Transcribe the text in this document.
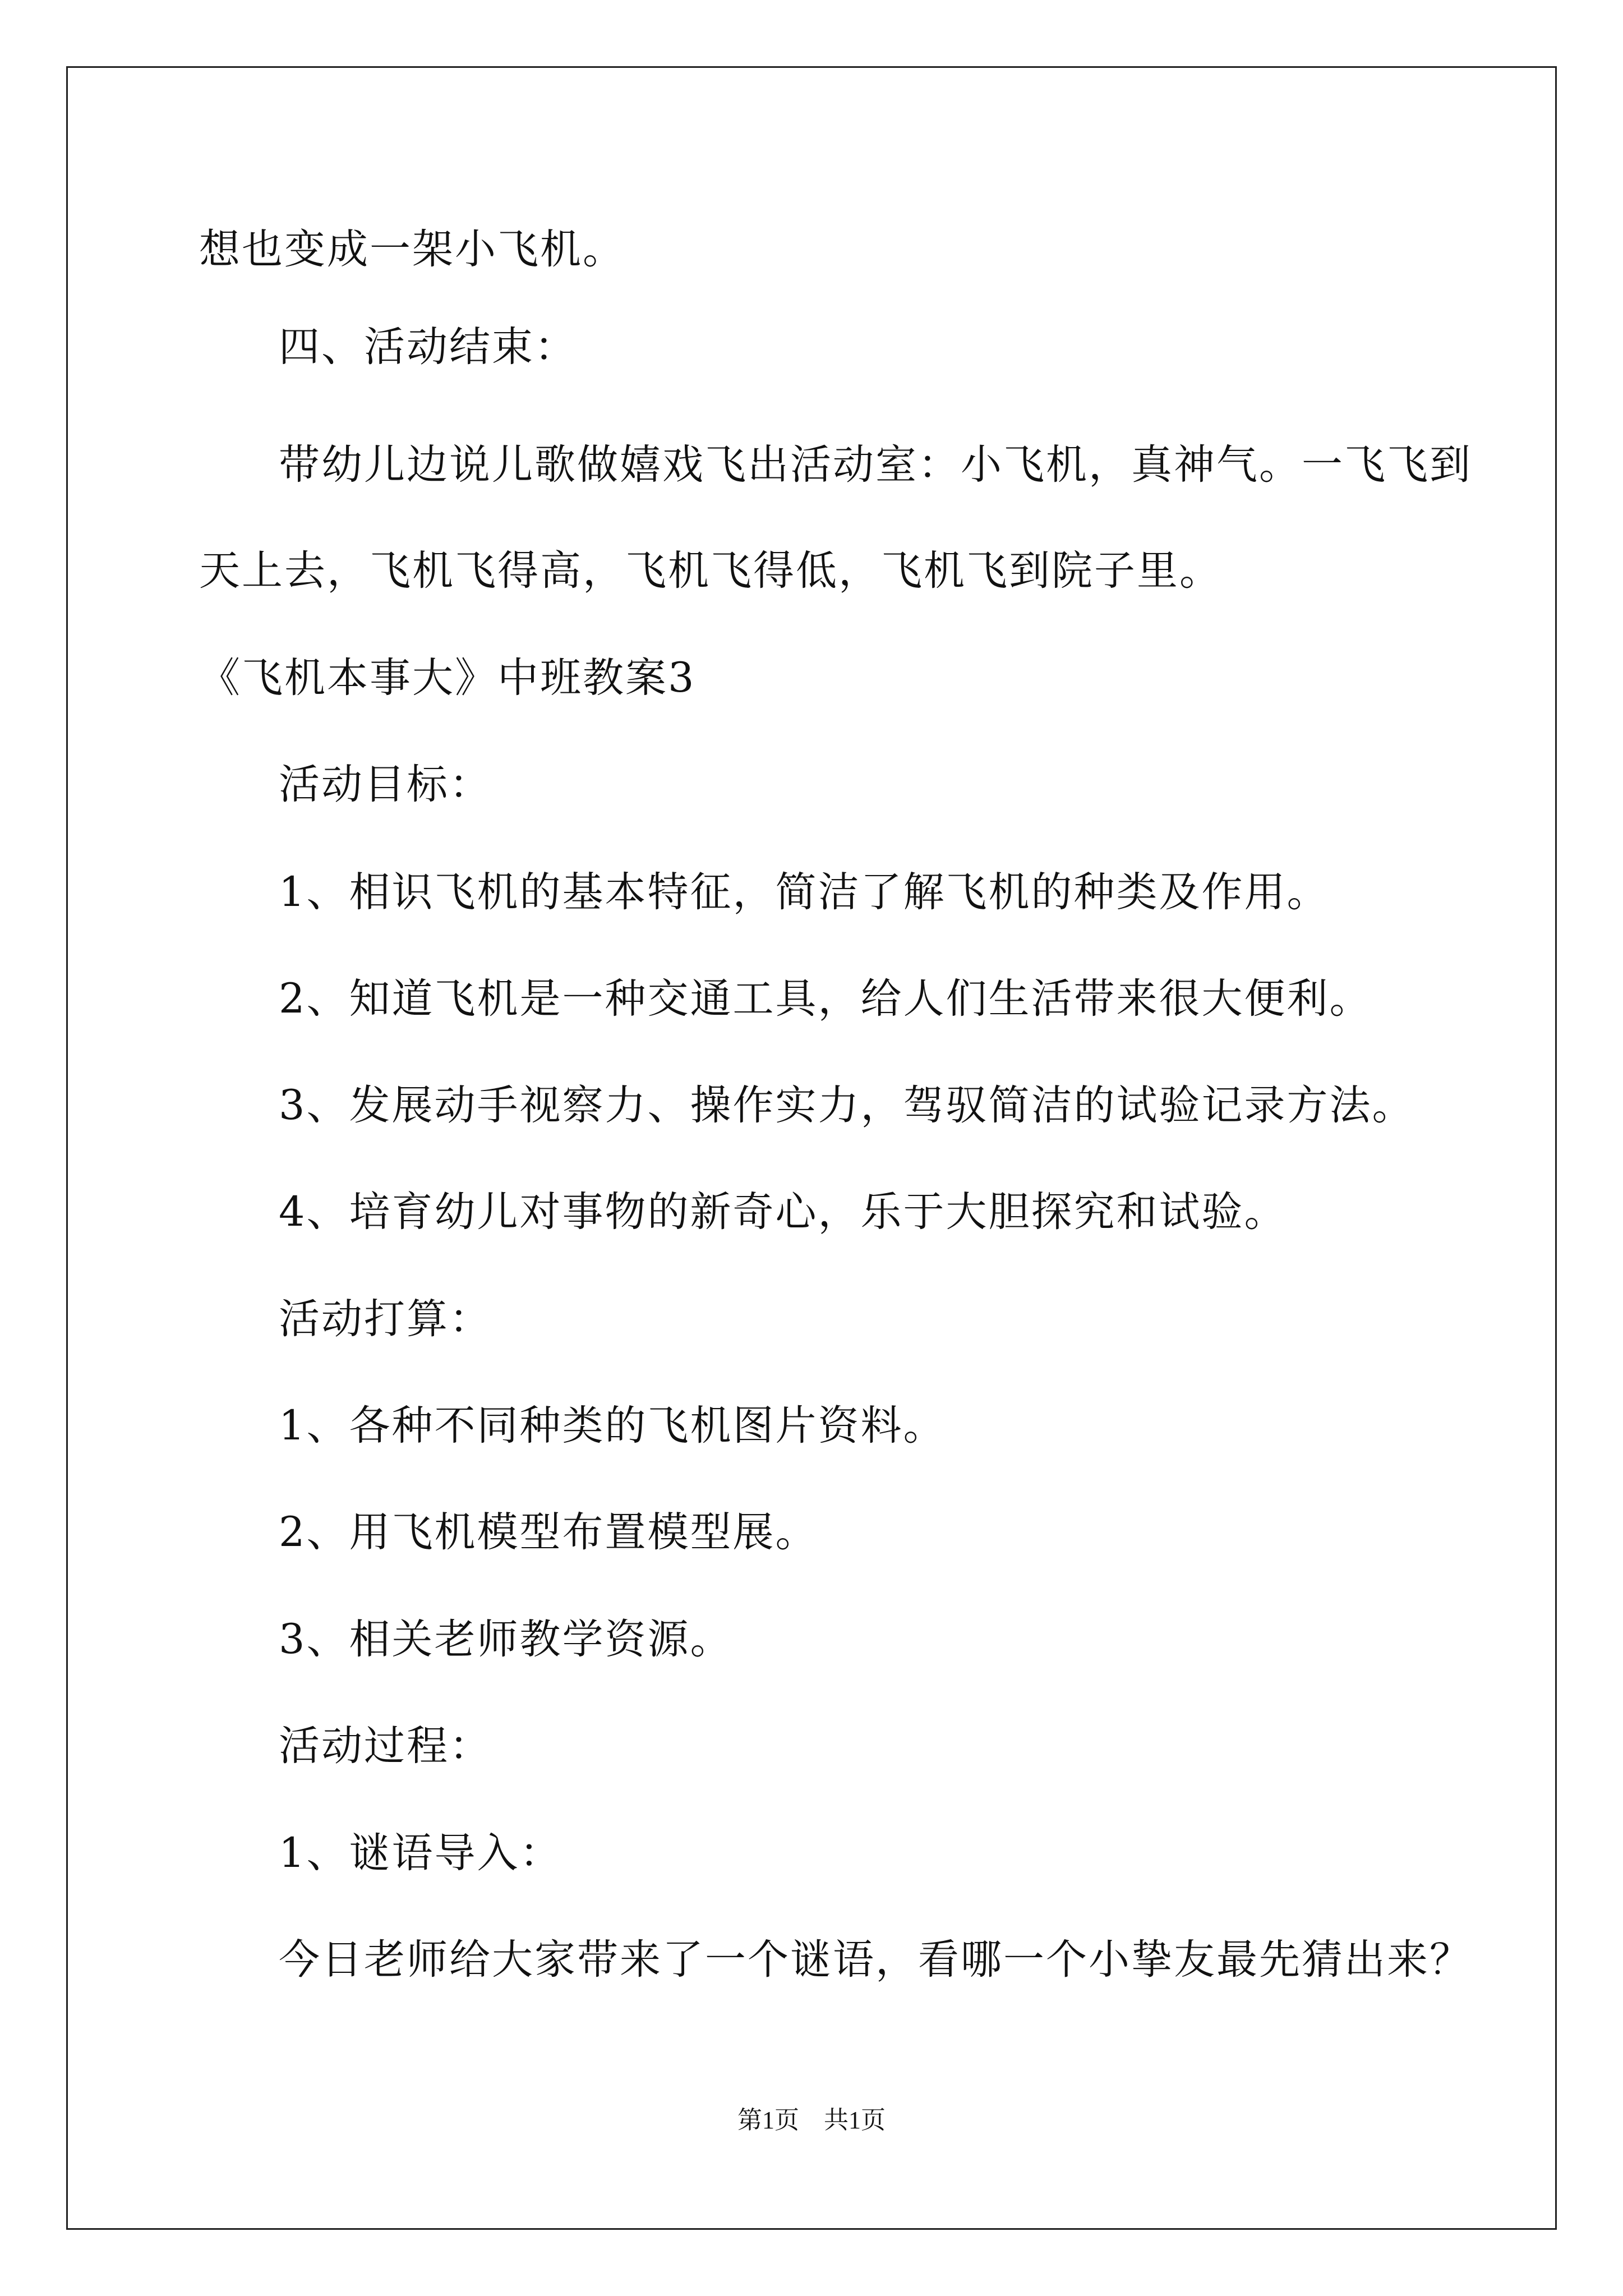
想也变成一架小飞机。
四、活动结束：
带幼儿边说儿歌做嬉戏飞出活动室：小飞机，真神气。一飞飞到
天上去，飞机飞得高，飞机飞得低，飞机飞到院子里。
《飞机本事大》中班教案3
活动目标：
1、相识飞机的基本特征，简洁了解飞机的种类及作用。
2、知道飞机是一种交通工具，给人们生活带来很大便利。
3、发展动手视察力、操作实力，驾驭简洁的试验记录方法。
4、培育幼儿对事物的新奇心，乐于大胆探究和试验。
活动打算：
1、各种不同种类的飞机图片资料。
2、用飞机模型布置模型展。
3、相关老师教学资源。
活动过程：
1、谜语导入：
今日老师给大家带来了一个谜语，看哪一个小挚友最先猜出来？
第1页　共1页
